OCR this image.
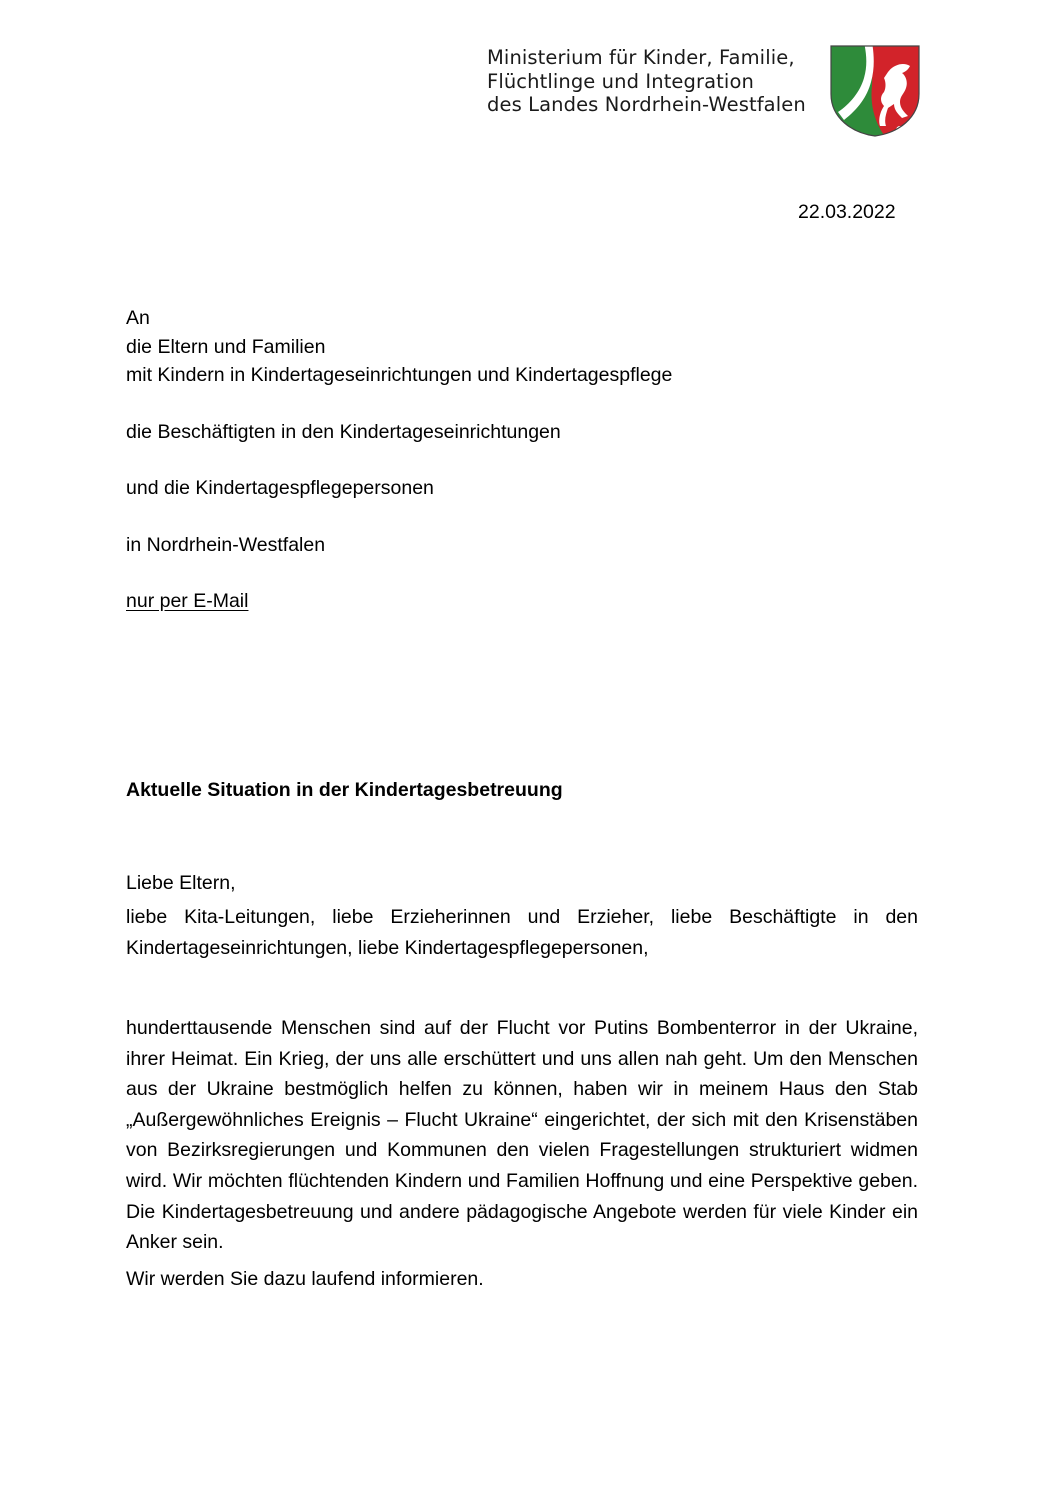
Ministerium für Kinder, Familie,
Flüchtlinge und Integration
des Landes Nordrhein-Westfalen
22.03.2022
An
die Eltern und Familien
mit Kindern in Kindertageseinrichtungen und Kindertagespflege
die Beschäftigten in den Kindertageseinrichtungen
und die Kindertagespflegepersonen
in Nordrhein-Westfalen
nur per E-Mail
Aktuelle Situation in der Kindertagesbetreuung

Liebe Eltern,

liebe Kita-Leitungen, liebe Erzieherinnen und Erzieher, liebe Beschäftigte in den Kindertageseinrichtungen, liebe Kindertagespflegepersonen,

hunderttausende Menschen sind auf der Flucht vor Putins Bombenterror in der Ukraine, ihrer Heimat. Ein Krieg, der uns alle erschüttert und uns allen nah geht. Um den Menschen aus der Ukraine bestmöglich helfen zu können, haben wir in meinem Haus den Stab „Außergewöhnliches Ereignis – Flucht Ukraine“ eingerichtet, der sich mit den Krisenstäben von Bezirksregierungen und Kommunen den vielen Fragestellungen strukturiert widmen wird. Wir möchten flüchtenden Kindern und Familien Hoffnung und eine Perspektive geben. Die Kindertagesbetreuung und andere pädagogische Angebote werden für viele Kinder ein Anker sein.

Wir werden Sie dazu laufend informieren.
